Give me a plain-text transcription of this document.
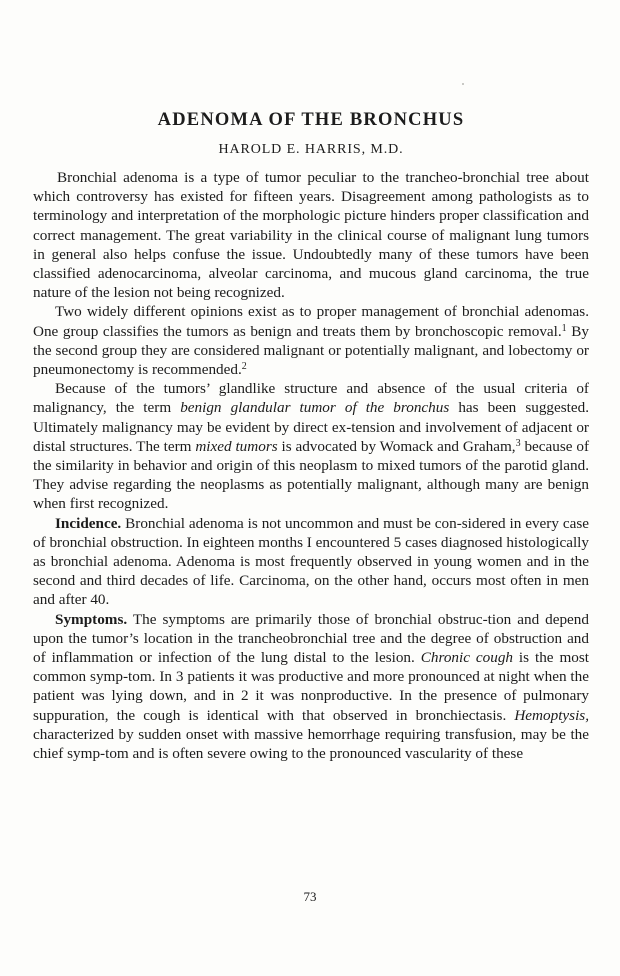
ADENOMA OF THE BRONCHUS
HAROLD E. HARRIS, M.D.

Bronchial adenoma is a type of tumor peculiar to the trancheo-bronchial tree about which controversy has existed for fifteen years. Disagreement among pathologists as to terminology and interpretation of the morphologic picture hinders proper classification and correct management. The great variability in the clinical course of malignant lung tumors in general also helps confuse the issue. Undoubtedly many of these tumors have been classified adenocarcinoma, alveolar carcinoma, and mucous gland carcinoma, the true nature of the lesion not being recognized.

Two widely different opinions exist as to proper management of bronchial adenomas. One group classifies the tumors as benign and treats them by bronchoscopic removal.$^1$ By the second group they are considered malignant or potentially malignant, and lobectomy or pneumonectomy is recommended.$^2$

Because of the tumors’ glandlike structure and absence of the usual criteria of malignancy, the term benign glandular tumor of the bronchus has been suggested. Ultimately malignancy may be evident by direct ex-tension and involvement of adjacent or distal structures. The term mixed tumors is advocated by Womack and Graham,$^3$ because of the similarity in behavior and origin of this neoplasm to mixed tumors of the parotid gland. They advise regarding the neoplasms as potentially malignant, although many are benign when first recognized.

Incidence. Bronchial adenoma is not uncommon and must be con-sidered in every case of bronchial obstruction. In eighteen months I encountered 5 cases diagnosed histologically as bronchial adenoma. Adenoma is most frequently observed in young women and in the second and third decades of life. Carcinoma, on the other hand, occurs most often in men and after 40.

Symptoms. The symptoms are primarily those of bronchial obstruc-tion and depend upon the tumor’s location in the trancheobronchial tree and the degree of obstruction and of inflammation or infection of the lung distal to the lesion. Chronic cough is the most common symp-tom. In 3 patients it was productive and more pronounced at night when the patient was lying down, and in 2 it was nonproductive. In the presence of pulmonary suppuration, the cough is identical with that observed in bronchiectasis. Hemoptysis, characterized by sudden onset with massive hemorrhage requiring transfusion, may be the chief symp-tom and is often severe owing to the pronounced vascularity of these

73
